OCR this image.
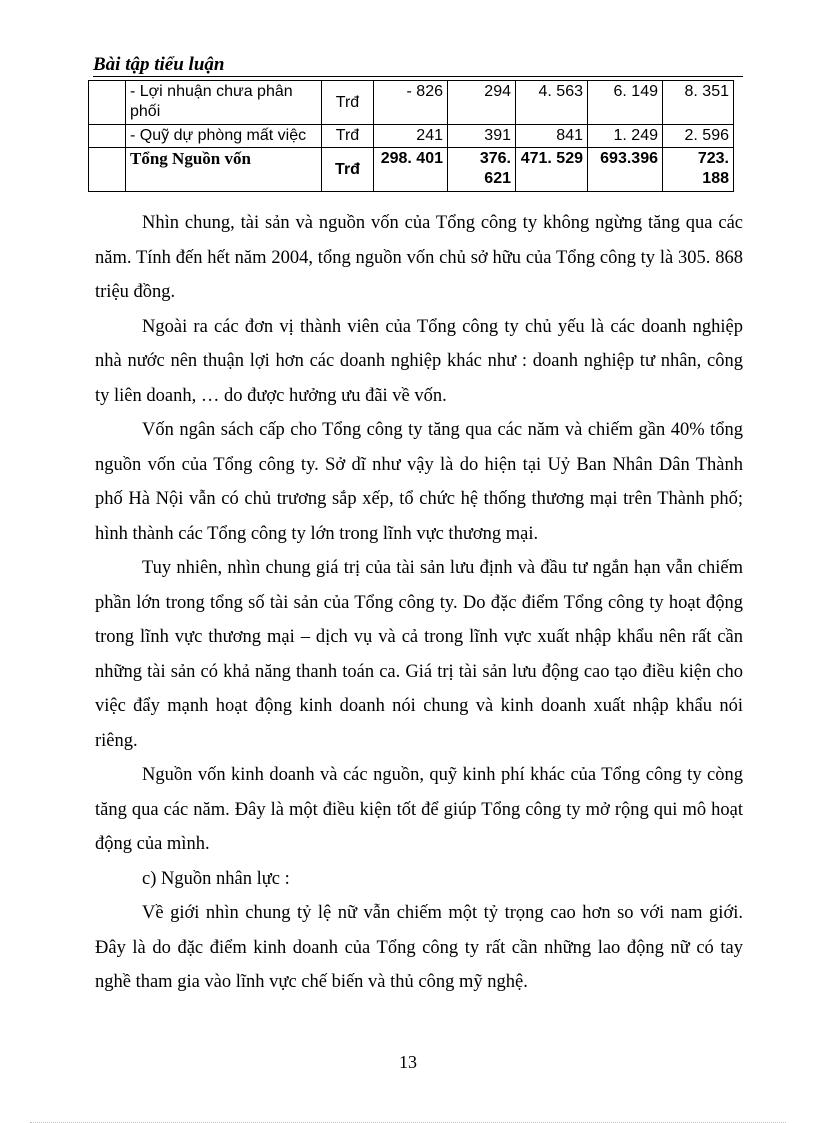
Bài tập tiểu luận
	- Lợi nhuận chưa phân phối	Trđ	- 826	294	4. 563	6. 149	8. 351
	- Quỹ dự phòng mất việc	Trđ	241	391	841	1. 249	2. 596
	Tổng Nguồn vốn	Trđ	298. 401	376. 621	471. 529	693.396	723. 188

Nhìn chung, tài sản và nguồn vốn của Tổng công ty không ngừng tăng qua các năm. Tính đến hết năm 2004, tổng nguồn vốn chủ sở hữu của Tổng công ty là 305. 868 triệu đồng.

Ngoài ra các đơn vị thành viên của Tổng công ty chủ yếu là các doanh nghiệp nhà nước nên thuận lợi hơn các doanh nghiệp khác như : doanh nghiệp tư nhân, công ty liên doanh, … do được hưởng ưu đãi về vốn.

Vốn ngân sách cấp cho Tổng công ty tăng qua các năm và chiếm gần 40% tổng nguồn vốn của Tổng công ty. Sở dĩ như vậy là do hiện tại Uỷ Ban Nhân Dân Thành phố Hà Nội vẫn có chủ trương sắp xếp, tổ chức hệ thống thương mại trên Thành phố; hình thành các Tổng công ty lớn trong lĩnh vực thương mại.

Tuy nhiên, nhìn chung giá trị của tài sản lưu định và đầu tư ngắn hạn vẫn chiếm phần lớn trong tổng số tài sản của Tổng công ty. Do đặc điểm Tổng công ty hoạt động trong lĩnh vực thương mại – dịch vụ và cả trong lĩnh vực xuất nhập khẩu nên rất cần những tài sản có khả năng thanh toán ca. Giá trị tài sản lưu động cao tạo điều kiện cho việc đẩy mạnh hoạt động kinh doanh nói chung và kinh doanh xuất nhập khẩu nói riêng.

Nguồn vốn kinh doanh và các nguồn, quỹ kinh phí khác của Tổng công ty còng tăng qua các năm. Đây là một điều kiện tốt để giúp Tổng công ty mở rộng qui mô hoạt động của mình.

c) Nguồn nhân lực :

Về giới nhìn chung tỷ lệ nữ vẫn chiếm một tỷ trọng cao hơn so với nam giới. Đây là do đặc điểm kinh doanh của Tổng công ty rất cần những lao động nữ có tay nghề tham gia vào lĩnh vực chế biến và thủ công mỹ nghệ.

13
